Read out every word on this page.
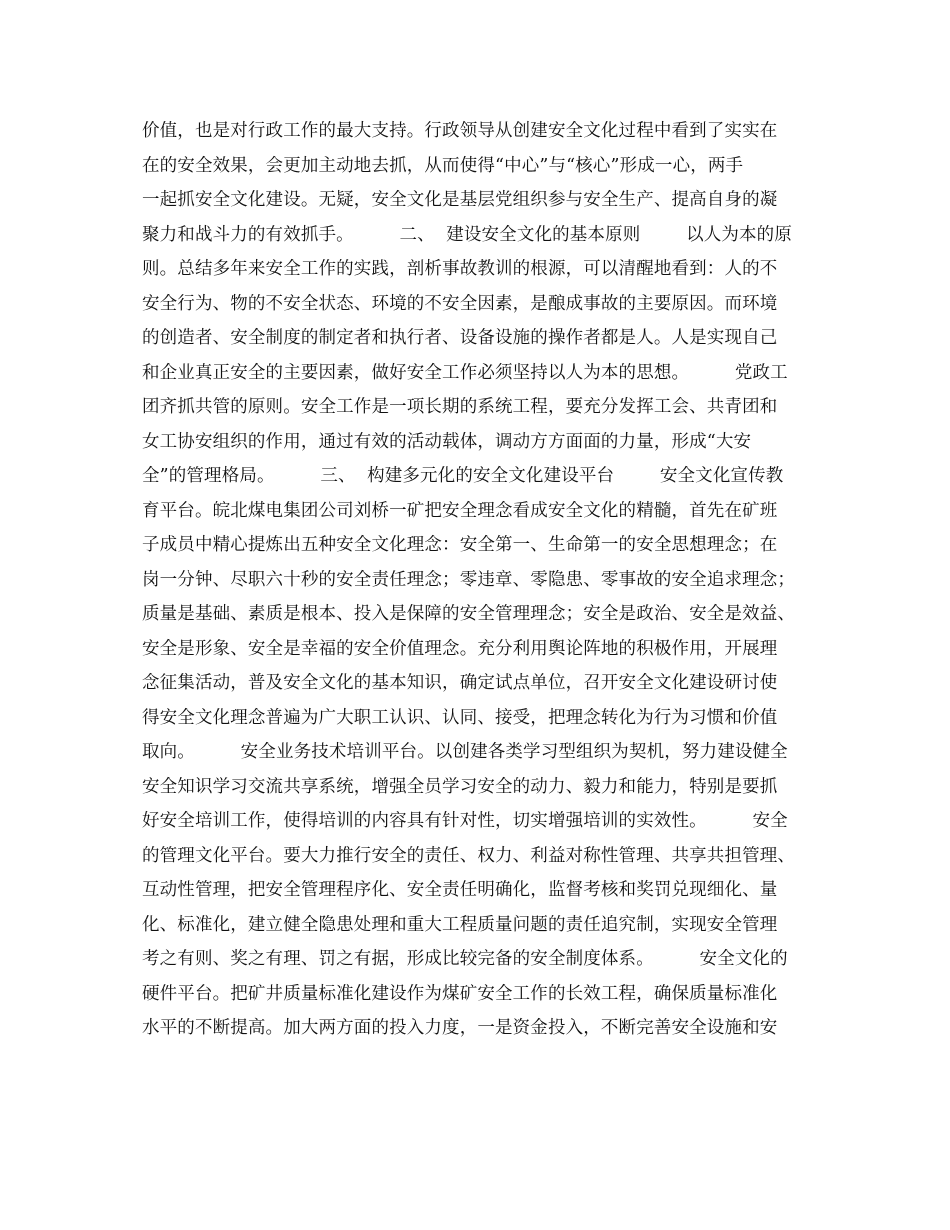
价值，也是对行政工作的最大支持。行政领导从创建安全文化过程中看到了实实在
在的安全效果，会更加主动地去抓，从而使得“中心”与“核心”形成一心，两手
一起抓安全文化建设。无疑，安全文化是基层党组织参与安全生产、提高自身的凝
聚力和战斗力的有效抓手。        二、  建设安全文化的基本原则        以人为本的原
则。总结多年来安全工作的实践，剖析事故教训的根源，可以清醒地看到：人的不
安全行为、物的不安全状态、环境的不安全因素，是酿成事故的主要原因。而环境
的创造者、安全制度的制定者和执行者、设备设施的操作者都是人。人是实现自己
和企业真正安全的主要因素，做好安全工作必须坚持以人为本的思想。        党政工
团齐抓共管的原则。安全工作是一项长期的系统工程，要充分发挥工会、共青团和
女工协安组织的作用，通过有效的活动载体，调动方方面面的力量，形成“大安
全”的管理格局。        三、  构建多元化的安全文化建设平台        安全文化宣传教
育平台。皖北煤电集团公司刘桥一矿把安全理念看成安全文化的精髓，首先在矿班
子成员中精心提炼出五种安全文化理念：安全第一、生命第一的安全思想理念；在
岗一分钟、尽职六十秒的安全责任理念；零违章、零隐患、零事故的安全追求理念；
质量是基础、素质是根本、投入是保障的安全管理理念；安全是政治、安全是效益、
安全是形象、安全是幸福的安全价值理念。充分利用舆论阵地的积极作用，开展理
念征集活动，普及安全文化的基本知识，确定试点单位，召开安全文化建设研讨使
得安全文化理念普遍为广大职工认识、认同、接受，把理念转化为行为习惯和价值
取向。        安全业务技术培训平台。以创建各类学习型组织为契机，努力建设健全
安全知识学习交流共享系统，增强全员学习安全的动力、毅力和能力，特别是要抓
好安全培训工作，使得培训的内容具有针对性，切实增强培训的实效性。        安全
的管理文化平台。要大力推行安全的责任、权力、利益对称性管理、共享共担管理、
互动性管理，把安全管理程序化、安全责任明确化，监督考核和奖罚兑现细化、量
化、标准化，建立健全隐患处理和重大工程质量问题的责任追究制，实现安全管理
考之有则、奖之有理、罚之有据，形成比较完备的安全制度体系。        安全文化的
硬件平台。把矿井质量标准化建设作为煤矿安全工作的长效工程，确保质量标准化
水平的不断提高。加大两方面的投入力度，一是资金投入，不断完善安全设施和安
